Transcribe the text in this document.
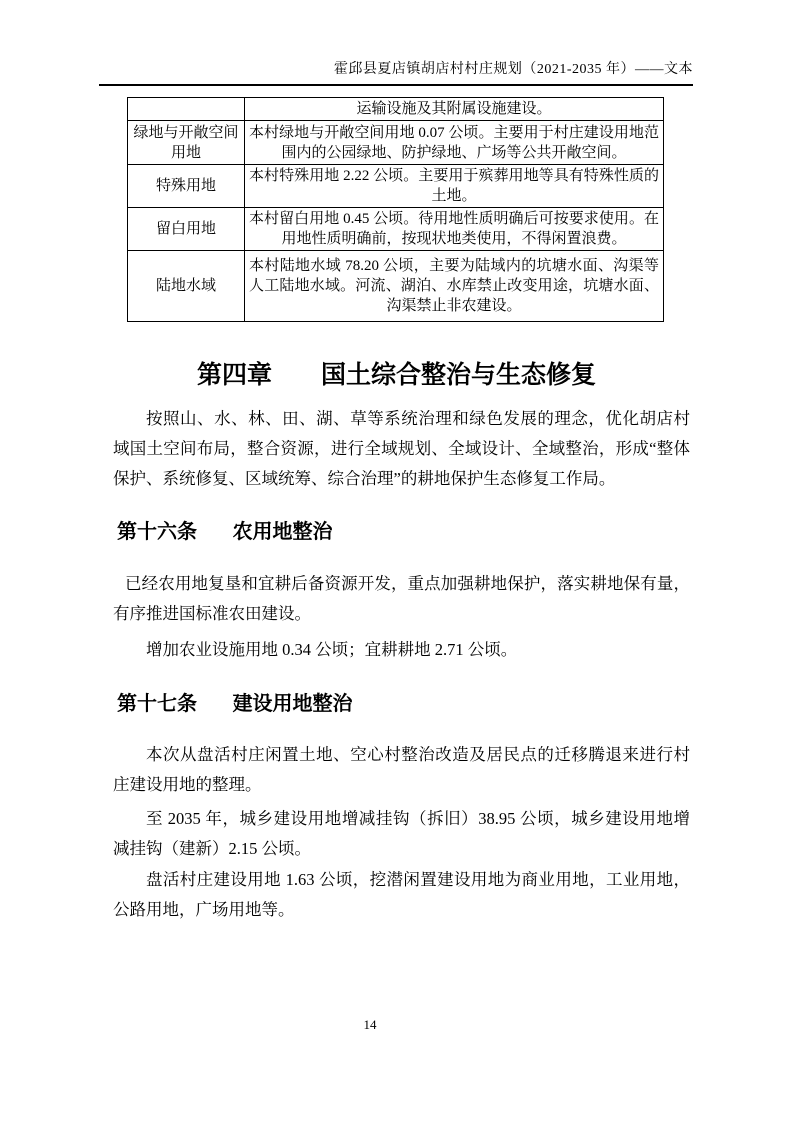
霍邱县夏店镇胡店村村庄规划（2021-2035 年）——文本
	运输设施及其附属设施建设。
绿地与开敞空间用地	本村绿地与开敞空间用地 0.07 公顷。主要用于村庄建设用地范围内的公园绿地、防护绿地、广场等公共开敞空间。
特殊用地	本村特殊用地 2.22 公顷。主要用于殡葬用地等具有特殊性质的土地。
留白用地	本村留白用地 0.45 公顷。待用地性质明确后可按要求使用。在用地性质明确前，按现状地类使用，不得闲置浪费。
陆地水域	本村陆地水域 78.20 公顷，主要为陆域内的坑塘水面、沟渠等人工陆地水域。河流、湖泊、水库禁止改变用途，坑塘水面、沟渠禁止非农建设。
第四章 国土综合整治与生态修复

按照山、水、林、田、湖、草等系统治理和绿色发展的理念，优化胡店村域国土空间布局，整合资源，进行全域规划、全域设计、全域整治，形成“整体保护、系统修复、区域统筹、综合治理”的耕地保护生态修复工作局。

第十六条 农用地整治

已经农用地复垦和宜耕后备资源开发，重点加强耕地保护，落实耕地保有量，有序推进国标准农田建设。

增加农业设施用地 0.34 公顷；宜耕耕地 2.71 公顷。

第十七条 建设用地整治

本次从盘活村庄闲置土地、空心村整治改造及居民点的迁移腾退来进行村庄建设用地的整理。

至 2035 年，城乡建设用地增减挂钩（拆旧）38.95 公顷，城乡建设用地增减挂钩（建新）2.15 公顷。

盘活村庄建设用地 1.63 公顷，挖潜闲置建设用地为商业用地，工业用地，公路用地，广场用地等。

14
